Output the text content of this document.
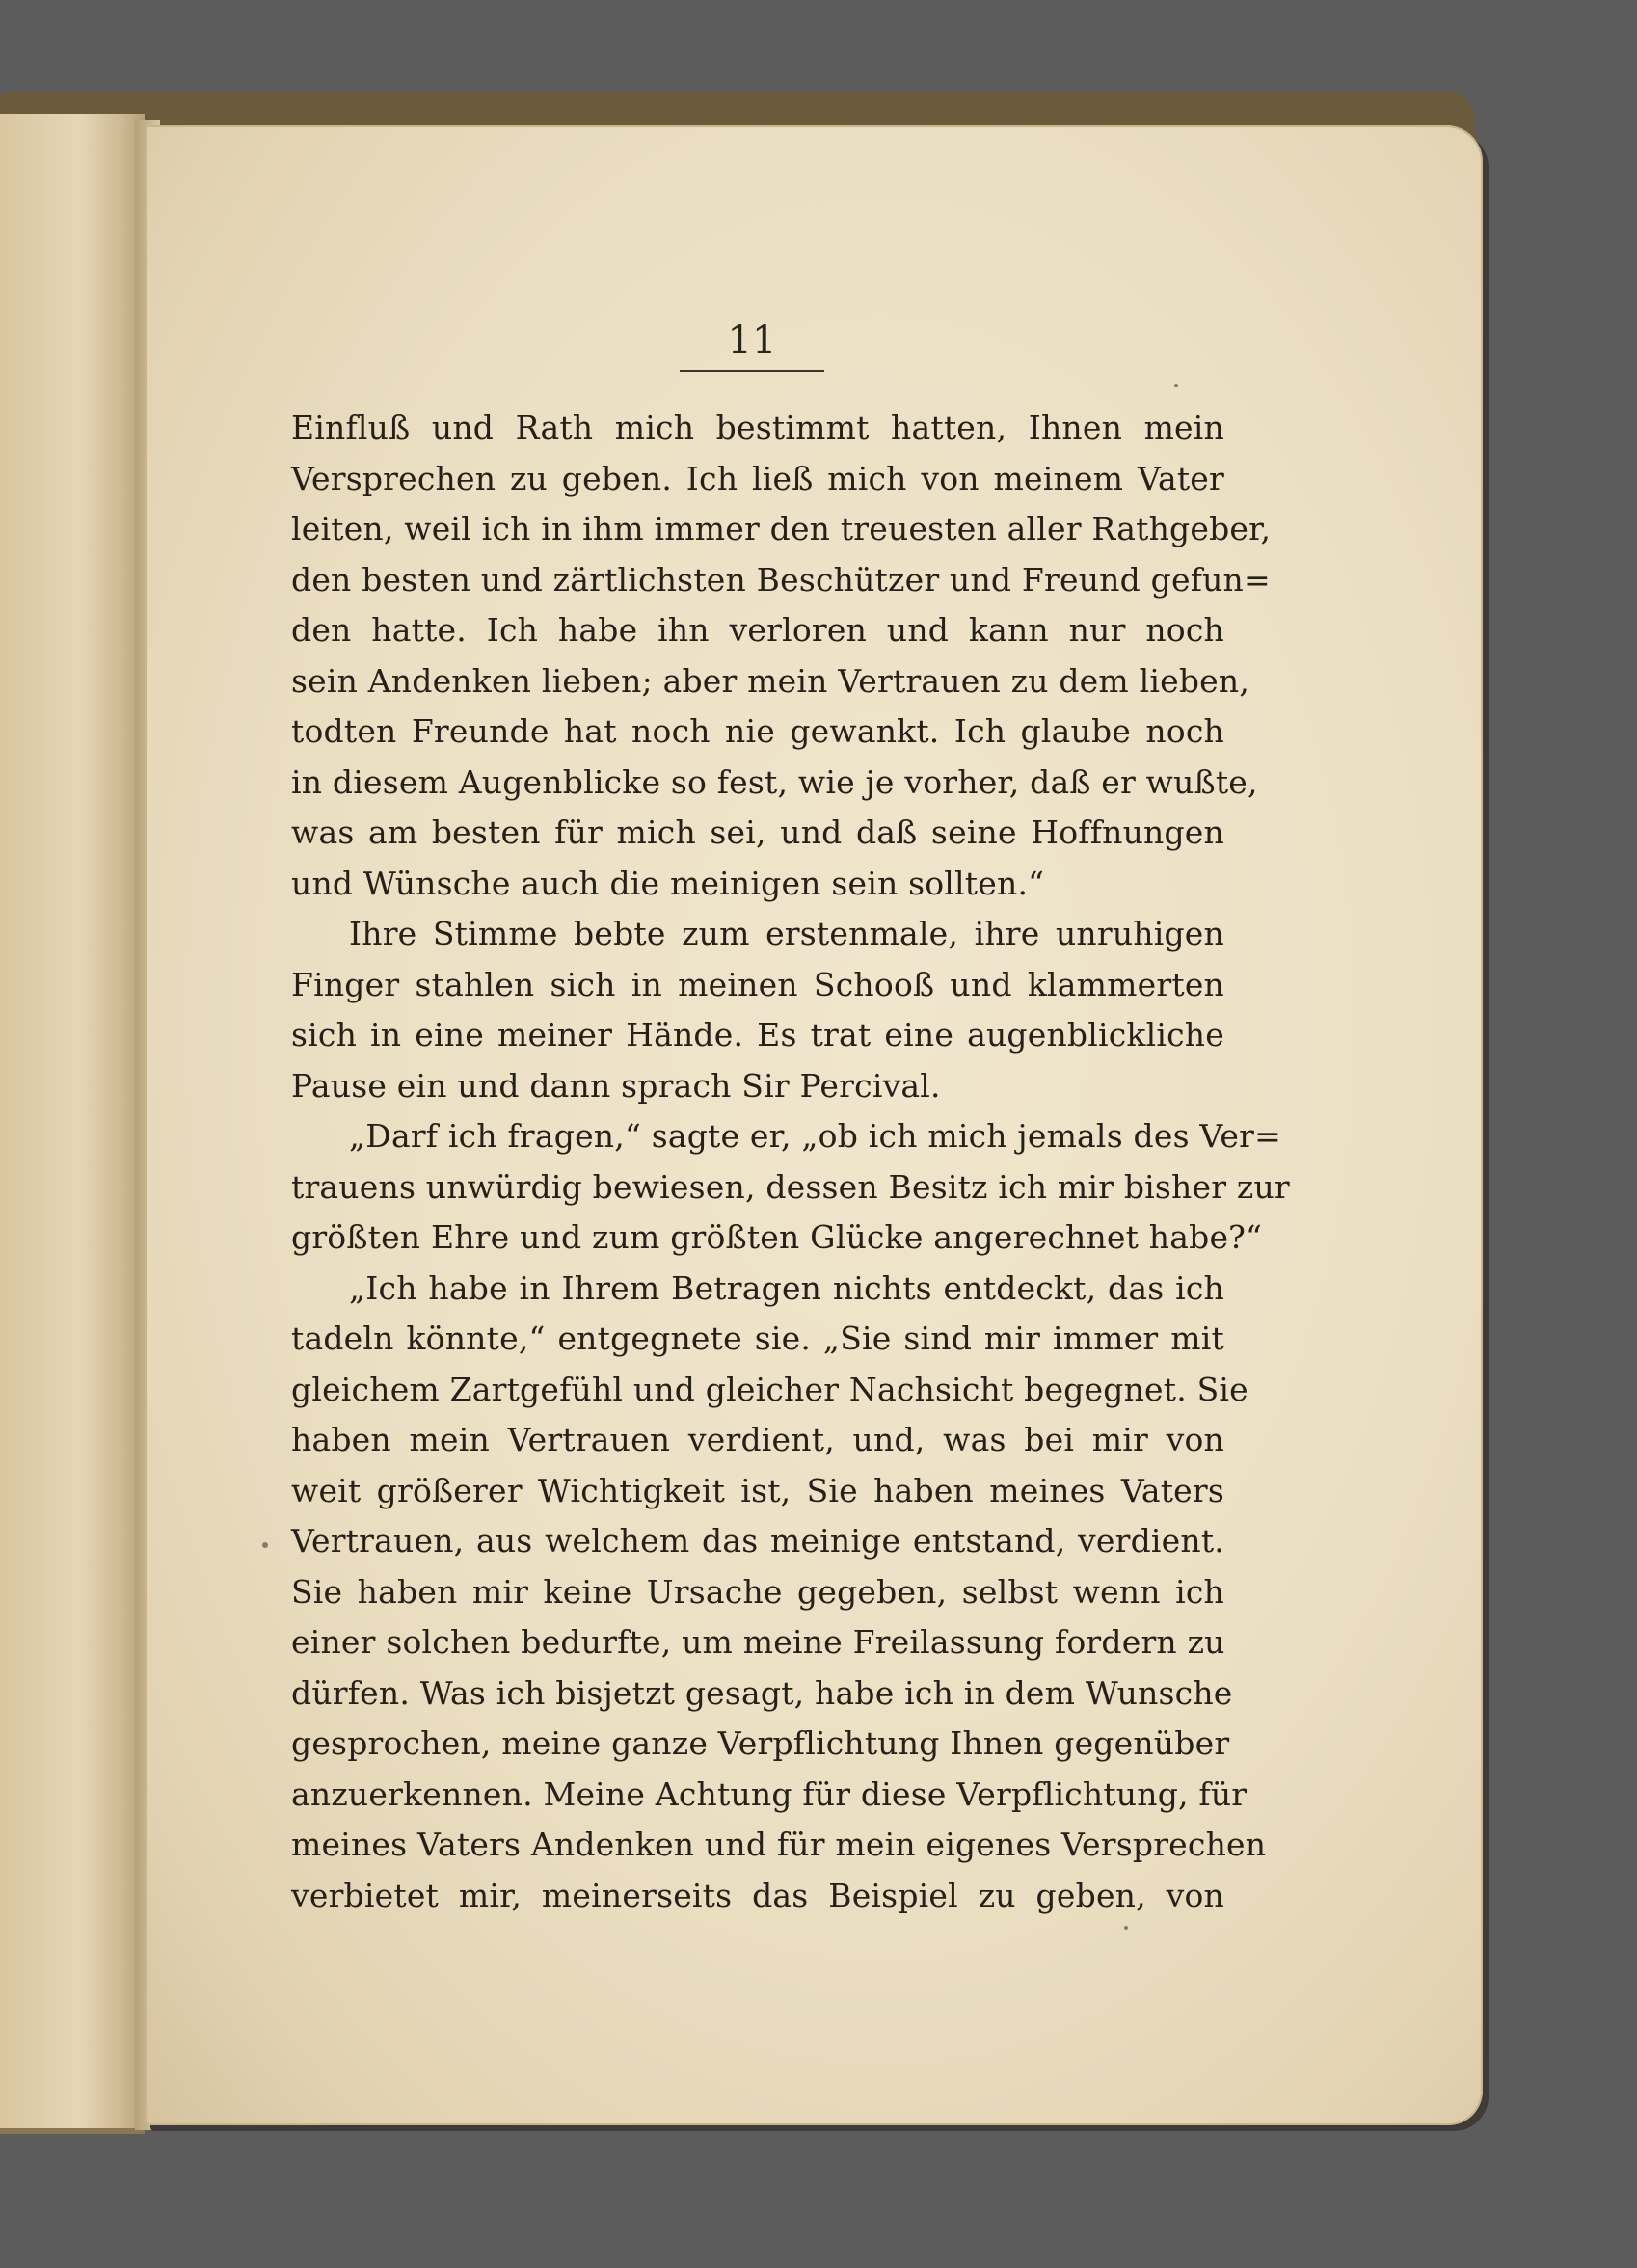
11
Einfluß und Rath mich bestimmt hatten, Ihnen mein
Versprechen zu geben. Ich ließ mich von meinem Vater
leiten, weil ich in ihm immer den treuesten aller Rathgeber,
den besten und zärtlichsten Beschützer und Freund gefun=
den hatte. Ich habe ihn verloren und kann nur noch
sein Andenken lieben; aber mein Vertrauen zu dem lieben,
todten Freunde hat noch nie gewankt. Ich glaube noch
in diesem Augenblicke so fest, wie je vorher, daß er wußte,
was am besten für mich sei, und daß seine Hoffnungen
und Wünsche auch die meinigen sein sollten.“
Ihre Stimme bebte zum erstenmale, ihre unruhigen
Finger stahlen sich in meinen Schooß und klammerten
sich in eine meiner Hände. Es trat eine augenblickliche
Pause ein und dann sprach Sir Percival.
„Darf ich fragen,“ sagte er, „ob ich mich jemals des Ver=
trauens unwürdig bewiesen, dessen Besitz ich mir bisher zur
größten Ehre und zum größten Glücke angerechnet habe?“
„Ich habe in Ihrem Betragen nichts entdeckt, das ich
tadeln könnte,“ entgegnete sie. „Sie sind mir immer mit
gleichem Zartgefühl und gleicher Nachsicht begegnet. Sie
haben mein Vertrauen verdient, und, was bei mir von
weit größerer Wichtigkeit ist, Sie haben meines Vaters
Vertrauen, aus welchem das meinige entstand, verdient.
Sie haben mir keine Ursache gegeben, selbst wenn ich
einer solchen bedurfte, um meine Freilassung fordern zu
dürfen. Was ich bisjetzt gesagt, habe ich in dem Wunsche
gesprochen, meine ganze Verpflichtung Ihnen gegenüber
anzuerkennen. Meine Achtung für diese Verpflichtung, für
meines Vaters Andenken und für mein eigenes Versprechen
verbietet mir, meinerseits das Beispiel zu geben, von
